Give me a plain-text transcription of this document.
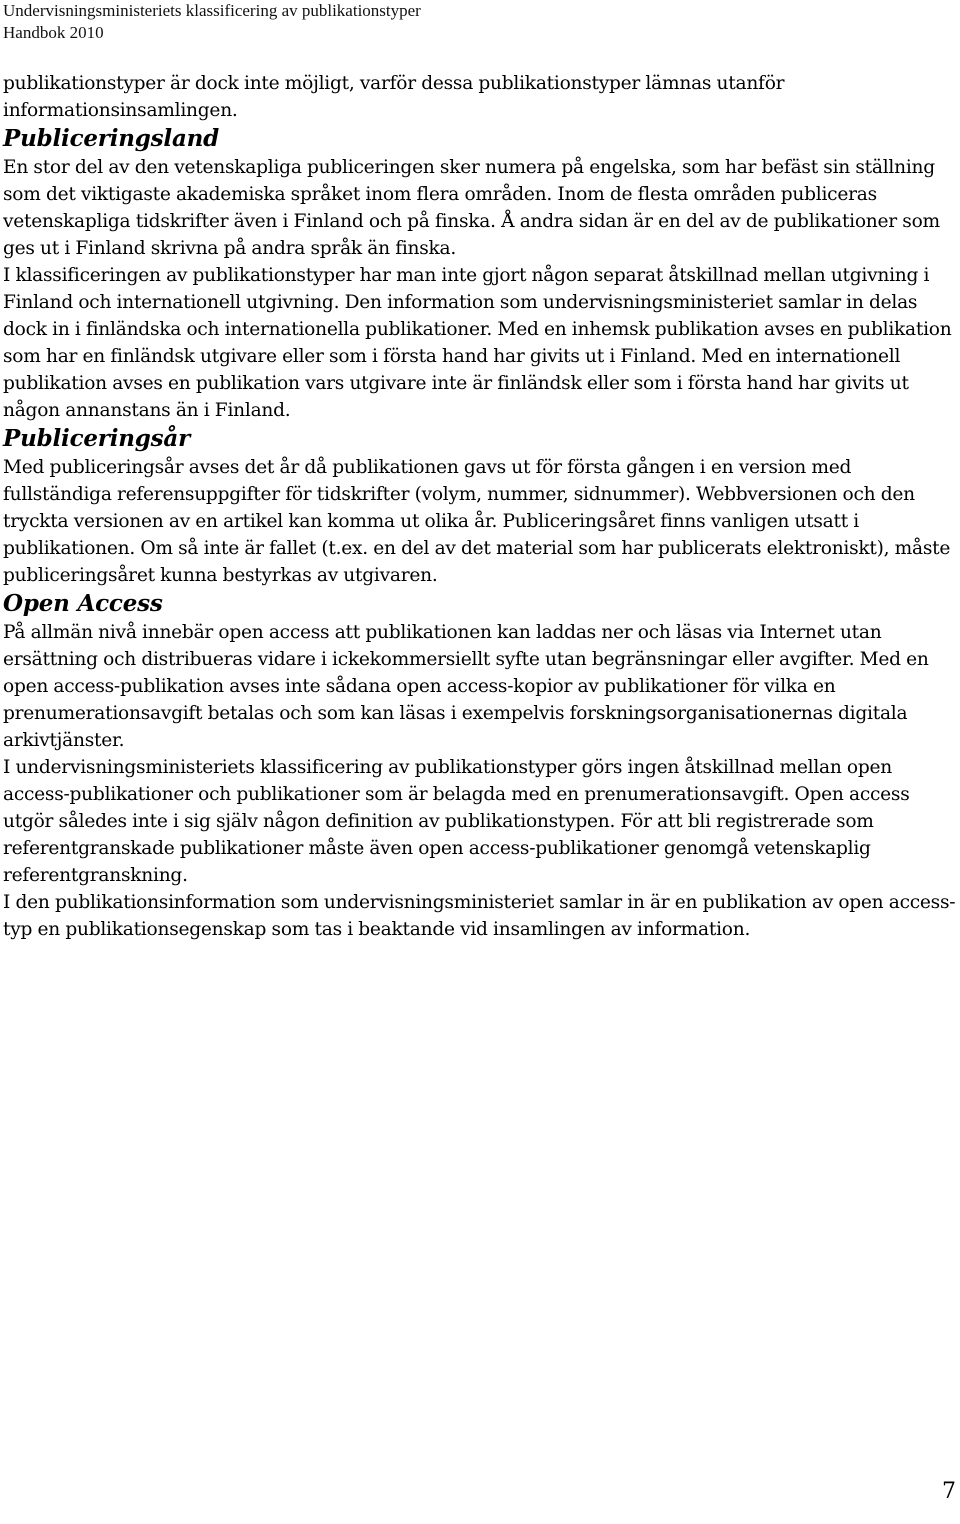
Undervisningsministeriets klassificering av publikationstyper
Handbok 2010

publikationstyper är dock inte möjligt, varför dessa publikationstyper lämnas utanför informationsinsamlingen.

Publiceringsland

En stor del av den vetenskapliga publiceringen sker numera på engelska, som har befäst sin ställning som det viktigaste akademiska språket inom flera områden. Inom de flesta områden publiceras vetenskapliga tidskrifter även i Finland och på finska. Å andra sidan är en del av de publikationer som ges ut i Finland skrivna på andra språk än finska.

I klassificeringen av publikationstyper har man inte gjort någon separat åtskillnad mellan utgivning i Finland och internationell utgivning. Den information som undervisningsministeriet samlar in delas dock in i finländska och internationella publikationer. Med en inhemsk publikation avses en publikation som har en finländsk utgivare eller som i första hand har givits ut i Finland. Med en internationell publikation avses en publikation vars utgivare inte är finländsk eller som i första hand har givits ut någon annanstans än i Finland.

Publiceringsår

Med publiceringsår avses det år då publikationen gavs ut för första gången i en version med fullständiga referensuppgifter för tidskrifter (volym, nummer, sidnummer). Webbversionen och den tryckta versionen av en artikel kan komma ut olika år. Publiceringsåret finns vanligen utsatt i publikationen. Om så inte är fallet (t.ex. en del av det material som har publicerats elektroniskt), måste publiceringsåret kunna bestyrkas av utgivaren.

Open Access

På allmän nivå innebär open access att publikationen kan laddas ner och läsas via Internet utan ersättning och distribueras vidare i ickekommersiellt syfte utan begränsningar eller avgifter. Med en open access-publikation avses inte sådana open access-kopior av publikationer för vilka en prenumerationsavgift betalas och som kan läsas i exempelvis forskningsorganisationernas digitala arkivtjänster.

I undervisningsministeriets klassificering av publikationstyper görs ingen åtskillnad mellan open access-publikationer och publikationer som är belagda med en prenumerationsavgift. Open access utgör således inte i sig själv någon definition av publikationstypen. För att bli registrerade som referentgranskade publikationer måste även open access-publikationer genomgå vetenskaplig referentgranskning.

I den publikationsinformation som undervisningsministeriet samlar in är en publikation av open access-typ en publikationsegenskap som tas i beaktande vid insamlingen av information.

7
